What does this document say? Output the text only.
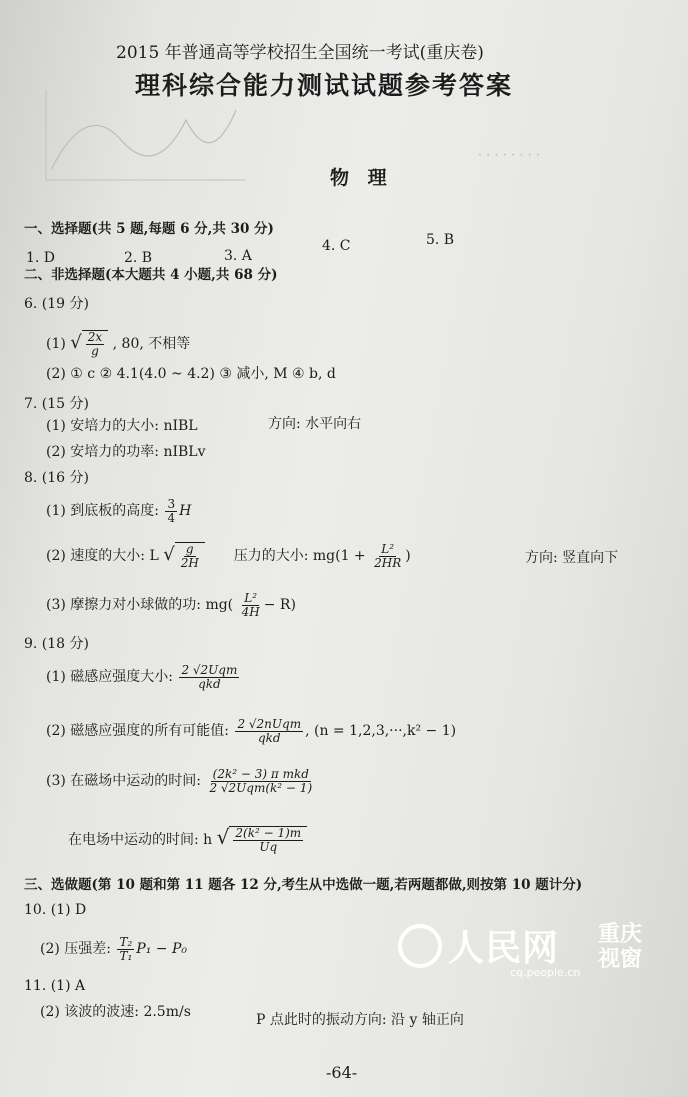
· · · · · · · ·
2015 年普通高等学校招生全国统一考试(重庆卷)
理科综合能力测试试题参考答案
物 理
一、选择题(共 5 题,每题 6 分,共 30 分)
1. D	2. B	3. A
4. C	5. B
二、非选择题(本大题共 4 小题,共 68 分)
6. (19 分)
(1) √ $\frac{2x}{g}$ , 80, 不相等
(2) ① c ② 4.1(4.0 ~ 4.2) ③ 减小, M ④ b, d
7. (15 分)
(1) 安培力的大小: nIBL	方向: 水平向右
(2) 安培力的功率: nIBLv
8. (16 分)
(1) 到底板的高度: $\frac{3}{4}$ H
(2) 速度的大小: L √ $\frac{g}{2H}$ 压力的大小: $mg(1 + \frac{\text{L²}}{2HR}$ )	方向: 竖直向下
(3) 摩擦力对小球做的功: $mg( \frac{\text{L²}}{4H} - R)$
9. (18 分)
(1) 磁感应强度大小: $\frac{\text{2 √2Uqm}}{\text{qkd}}$
(2) 磁感应强度的所有可能值: $\frac{\text{2 √2nUqm}}{\text{qkd}}$ , (n = 1,2,3,···,k² − 1)
(3) 在磁场中运动的时间: $\frac{\text{(2k² − 3) π mkd}}{\text{2 √2Uqm(k² − 1)}}$
在电场中运动的时间: h √ $\frac{\text{2(k² − 1)m}}{Uq}$
三、选做题(第 10 题和第 11 题各 12 分,考生从中选做一题,若两题都做,则按第 10 题计分)
10. (1) D
(2) 压强差: $\frac{\text{T₂}}{\text{T₁}} P_1 - P_0$
11. (1) A
(2) 该波的波速: 2.5m/s	P 点此时的振动方向: 沿 y 轴正向
-64-
人民网
cq.people.cn
重庆视窗
